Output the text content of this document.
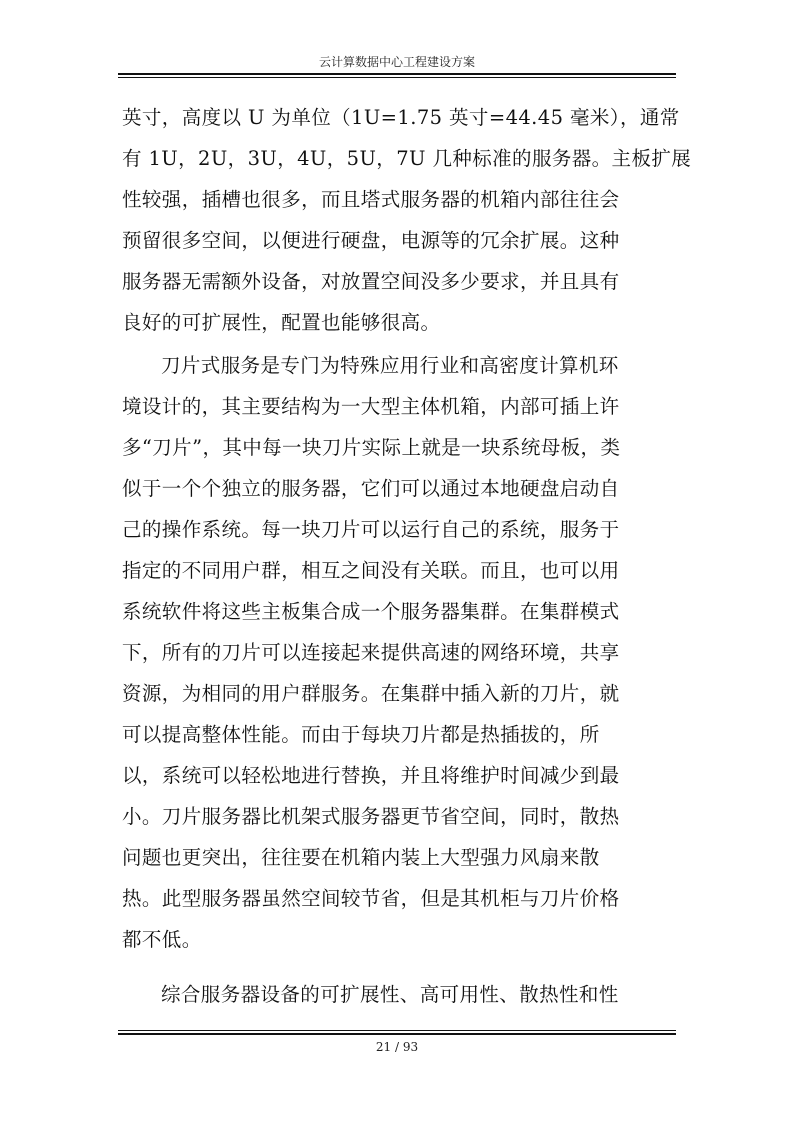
云计算数据中心工程建设方案
英寸，高度以 U 为单位（1U=1.75 英寸=44.45 毫米），通常
有 1U，2U，3U，4U，5U，7U 几种标准的服务器。主板扩展
性较强，插槽也很多，而且塔式服务器的机箱内部往往会
预留很多空间，以便进行硬盘，电源等的冗余扩展。这种
服务器无需额外设备，对放置空间没多少要求，并且具有
良好的可扩展性，配置也能够很高。
刀片式服务是专门为特殊应用行业和高密度计算机环
境设计的，其主要结构为一大型主体机箱，内部可插上许
多“刀片”，其中每一块刀片实际上就是一块系统母板，类
似于一个个独立的服务器，它们可以通过本地硬盘启动自
己的操作系统。每一块刀片可以运行自己的系统，服务于
指定的不同用户群，相互之间没有关联。而且，也可以用
系统软件将这些主板集合成一个服务器集群。在集群模式
下，所有的刀片可以连接起来提供高速的网络环境，共享
资源，为相同的用户群服务。在集群中插入新的刀片，就
可以提高整体性能。而由于每块刀片都是热插拔的，所
以，系统可以轻松地进行替换，并且将维护时间减少到最
小。刀片服务器比机架式服务器更节省空间，同时，散热
问题也更突出，往往要在机箱内装上大型强力风扇来散
热。此型服务器虽然空间较节省，但是其机柜与刀片价格
都不低。
综合服务器设备的可扩展性、高可用性、散热性和性
21 / 93
